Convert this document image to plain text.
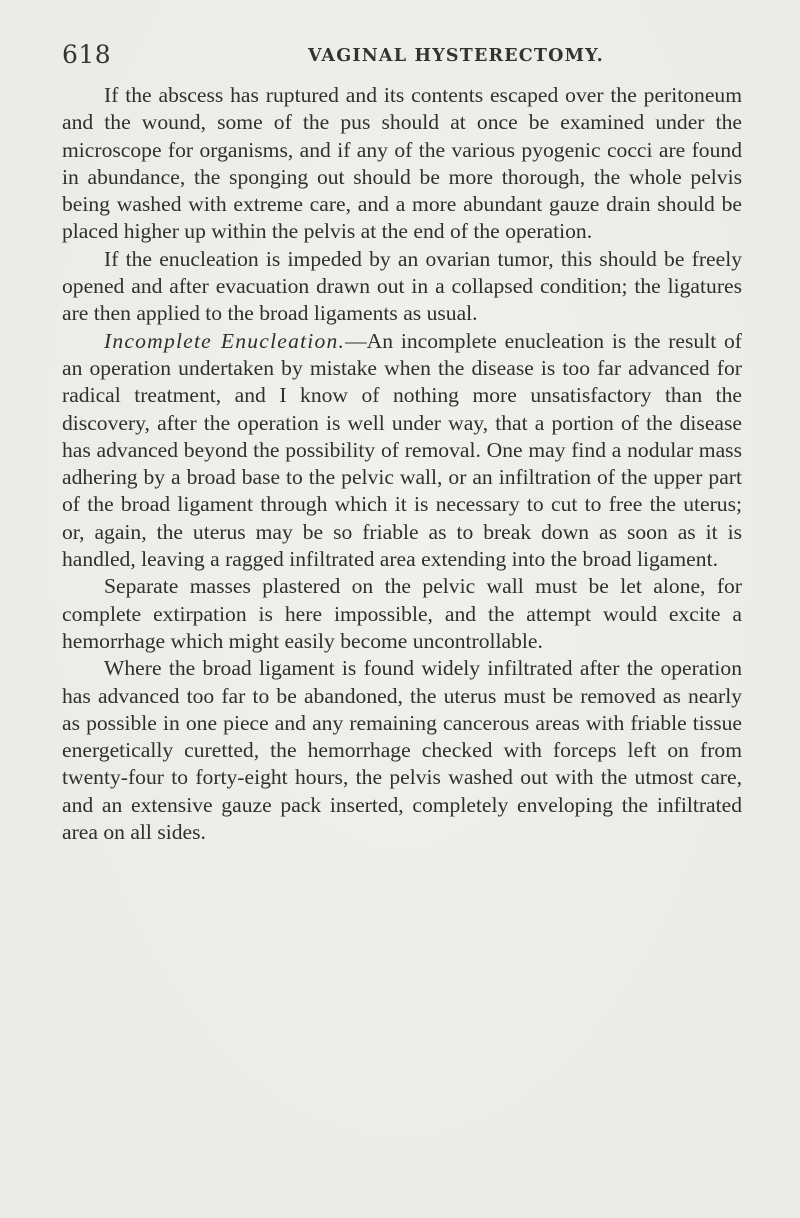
618	VAGINAL HYSTERECTOMY.

If the abscess has ruptured and its contents escaped over the peritoneum and the wound, some of the pus should at once be examined under the microscope for organisms, and if any of the various pyogenic cocci are found in abundance, the sponging out should be more thorough, the whole pelvis being washed with extreme care, and a more abundant gauze drain should be placed higher up within the pelvis at the end of the operation.

If the enucleation is impeded by an ovarian tumor, this should be freely opened and after evacuation drawn out in a collapsed condition; the ligatures are then applied to the broad ligaments as usual.

Incomplete Enucleation.—An incomplete enucleation is the result of an operation undertaken by mistake when the disease is too far advanced for radical treatment, and I know of nothing more unsatisfactory than the discovery, after the operation is well under way, that a portion of the disease has advanced beyond the possibility of removal. One may find a nodular mass adhering by a broad base to the pelvic wall, or an infiltration of the upper part of the broad ligament through which it is necessary to cut to free the uterus; or, again, the uterus may be so friable as to break down as soon as it is handled, leaving a ragged infiltrated area extending into the broad ligament.

Separate masses plastered on the pelvic wall must be let alone, for complete extirpation is here impossible, and the attempt would excite a hemorrhage which might easily become uncontrollable.

Where the broad ligament is found widely infiltrated after the operation has advanced too far to be abandoned, the uterus must be removed as nearly as possible in one piece and any remaining cancerous areas with friable tissue energetically curetted, the hemorrhage checked with forceps left on from twenty-four to forty-eight hours, the pelvis washed out with the utmost care, and an extensive gauze pack inserted, completely enveloping the infiltrated area on all sides.
